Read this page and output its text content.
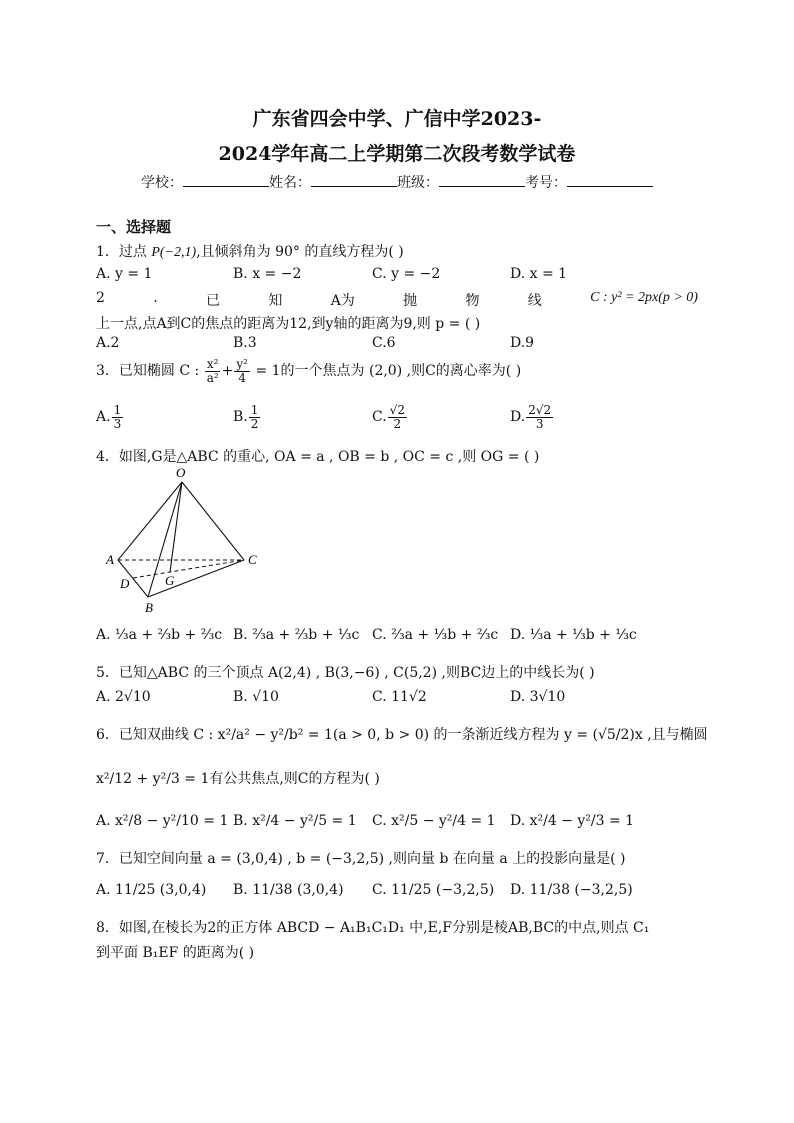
广东省四会中学、广信中学2023-
2024学年高二上学期第二次段考数学试卷
学校：	姓名：	班级：	考号：
一、选择题
1．过点 P(−2,1),且倾斜角为 90° 的直线方程为( )
A. y = 1	B. x = −2	C. y = −2	D. x = 1
2	.	已	知	A为	抛	物	线	C : y² = 2px(p > 0)
上一点,点A到C的焦点的距离为12,到y轴的距离为9,则 p = ( )
A.2	B.3	C.6	D.9
3．已知椭圆 C : $\frac{\text{x²}}{\text{a²}} + \frac{\text{y²}}{4} = 1$的一个焦点为 (2,0) ,则C的离心率为( )
A. $\frac{1}{3}$	B. $\frac{1}{2}$	C. $\frac{√2}{2}$	D. $\frac{2√2}{3}$
4．如图,G是△ABC 的重心, OA = a , OB = b , OC = c ,则 OG = ( )
O
A
B
C
D	G
A. ⅓a + ⅔b + ⅔c B. ⅔a + ⅔b + ⅓c C. ⅔a + ⅓b + ⅔c D. ⅓a + ⅓b + ⅓c
5．已知△ABC 的三个顶点 A(2,4) , B(3,−6) , C(5,2) ,则BC边上的中线长为( )
A. 2√10	B. √10	C. 11√2	D. 3√10
6．已知双曲线 C : x²/a² − y²/b² = 1(a > 0, b > 0) 的一条渐近线方程为 y = (√5/2)x ,且与椭圆
x²/12 + y²/3 = 1有公共焦点,则C的方程为( )
A. x²/8 − y²/10 = 1 B. x²/4 − y²/5 = 1 C. x²/5 − y²/4 = 1 D. x²/4 − y²/3 = 1
7．已知空间向量 a = (3,0,4) , b = (−3,2,5) ,则向量 b 在向量 a 上的投影向量是( )
A. 11/25 (3,0,4) B. 11/38 (3,0,4) C. 11/25 (−3,2,5) D. 11/38 (−3,2,5)
8．如图,在棱长为2的正方体 ABCD − A₁B₁C₁D₁ 中,E,F分别是棱AB,BC的中点,则点 C₁
到平面 B₁EF 的距离为( )
